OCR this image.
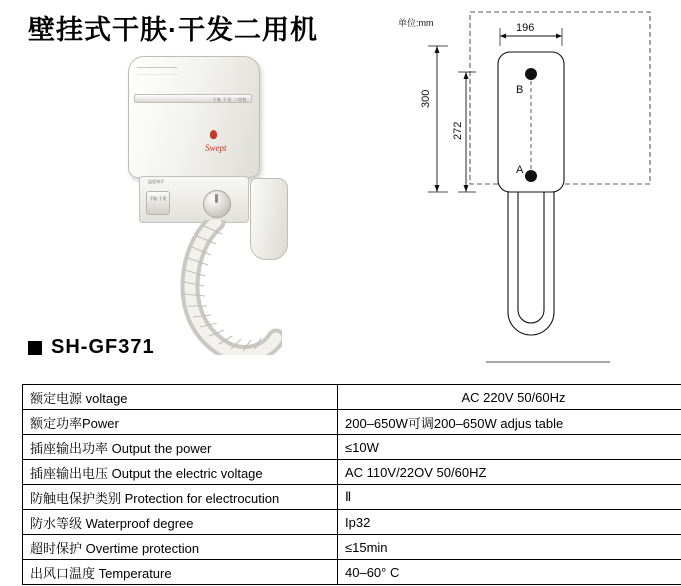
壁挂式干肤·干发二用机
干肤 干发 二用机
Swept
温度调节
干肤 干发
单位:mm	196
300
272
B
A
SH-GF371
额定电源 voltage	AC 220V 50/60Hz
额定功率Power	200–650W可调200–650W adjus table
插座输出功率 Output the power	≤10W
插座输出电压 Output the electric voltage	AC 110V/22OV 50/60HZ
防触电保护类别 Protection for electrocution	Ⅱ
防水等级 Waterproof degree	Ip32
超时保护 Overtime protection	≤15min
出风口温度 Temperature	40–60° C
